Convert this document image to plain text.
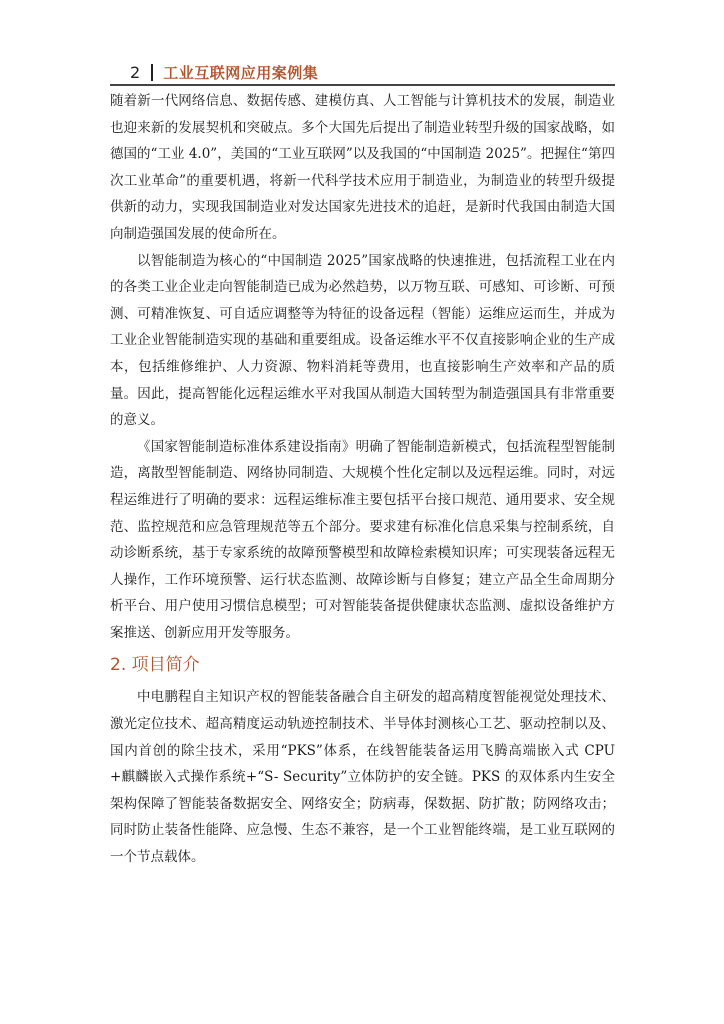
2 工业互联网应用案例集

随着新一代网络信息、数据传感、建模仿真、人工智能与计算机技术的发展，制造业也迎来新的发展契机和突破点。多个大国先后提出了制造业转型升级的国家战略，如德国的“工业 4.0”，美国的“工业互联网”以及我国的“中国制造 2025”。把握住“第四次工业革命”的重要机遇，将新一代科学技术应用于制造业，为制造业的转型升级提供新的动力，实现我国制造业对发达国家先进技术的追赶，是新时代我国由制造大国向制造强国发展的使命所在。

以智能制造为核心的“中国制造 2025”国家战略的快速推进，包括流程工业在内的各类工业企业走向智能制造已成为必然趋势，以万物互联、可感知、可诊断、可预测、可精准恢复、可自适应调整等为特征的设备远程（智能）运维应运而生，并成为工业企业智能制造实现的基础和重要组成。设备运维水平不仅直接影响企业的生产成本，包括维修维护、人力资源、物料消耗等费用，也直接影响生产效率和产品的质量。因此，提高智能化远程运维水平对我国从制造大国转型为制造强国具有非常重要的意义。

《国家智能制造标准体系建设指南》明确了智能制造新模式，包括流程型智能制造，离散型智能制造、网络协同制造、大规模个性化定制以及远程运维。同时，对远程运维进行了明确的要求：远程运维标准主要包括平台接口规范、通用要求、安全规范、监控规范和应急管理规范等五个部分。要求建有标准化信息采集与控制系统，自动诊断系统，基于专家系统的故障预警模型和故障检索模知识库；可实现装备远程无人操作，工作环境预警、运行状态监测、故障诊断与自修复；建立产品全生命周期分析平台、用户使用习惯信息模型；可对智能装备提供健康状态监测、虚拟设备维护方案推送、创新应用开发等服务。

2. 项目简介

中电鹏程自主知识产权的智能装备融合自主研发的超高精度智能视觉处理技术、激光定位技术、超高精度运动轨迹控制技术、半导体封测核心工艺、驱动控制以及、国内首创的除尘技术，采用“PKS”体系，在线智能装备运用飞腾高端嵌入式 CPU+麒麟嵌入式操作系统+“S- Security”立体防护的安全链。PKS 的双体系内生安全架构保障了智能装备数据安全、网络安全；防病毒，保数据、防扩散；防网络攻击；同时防止装备性能降、应急慢、生态不兼容，是一个工业智能终端，是工业互联网的一个节点载体。
